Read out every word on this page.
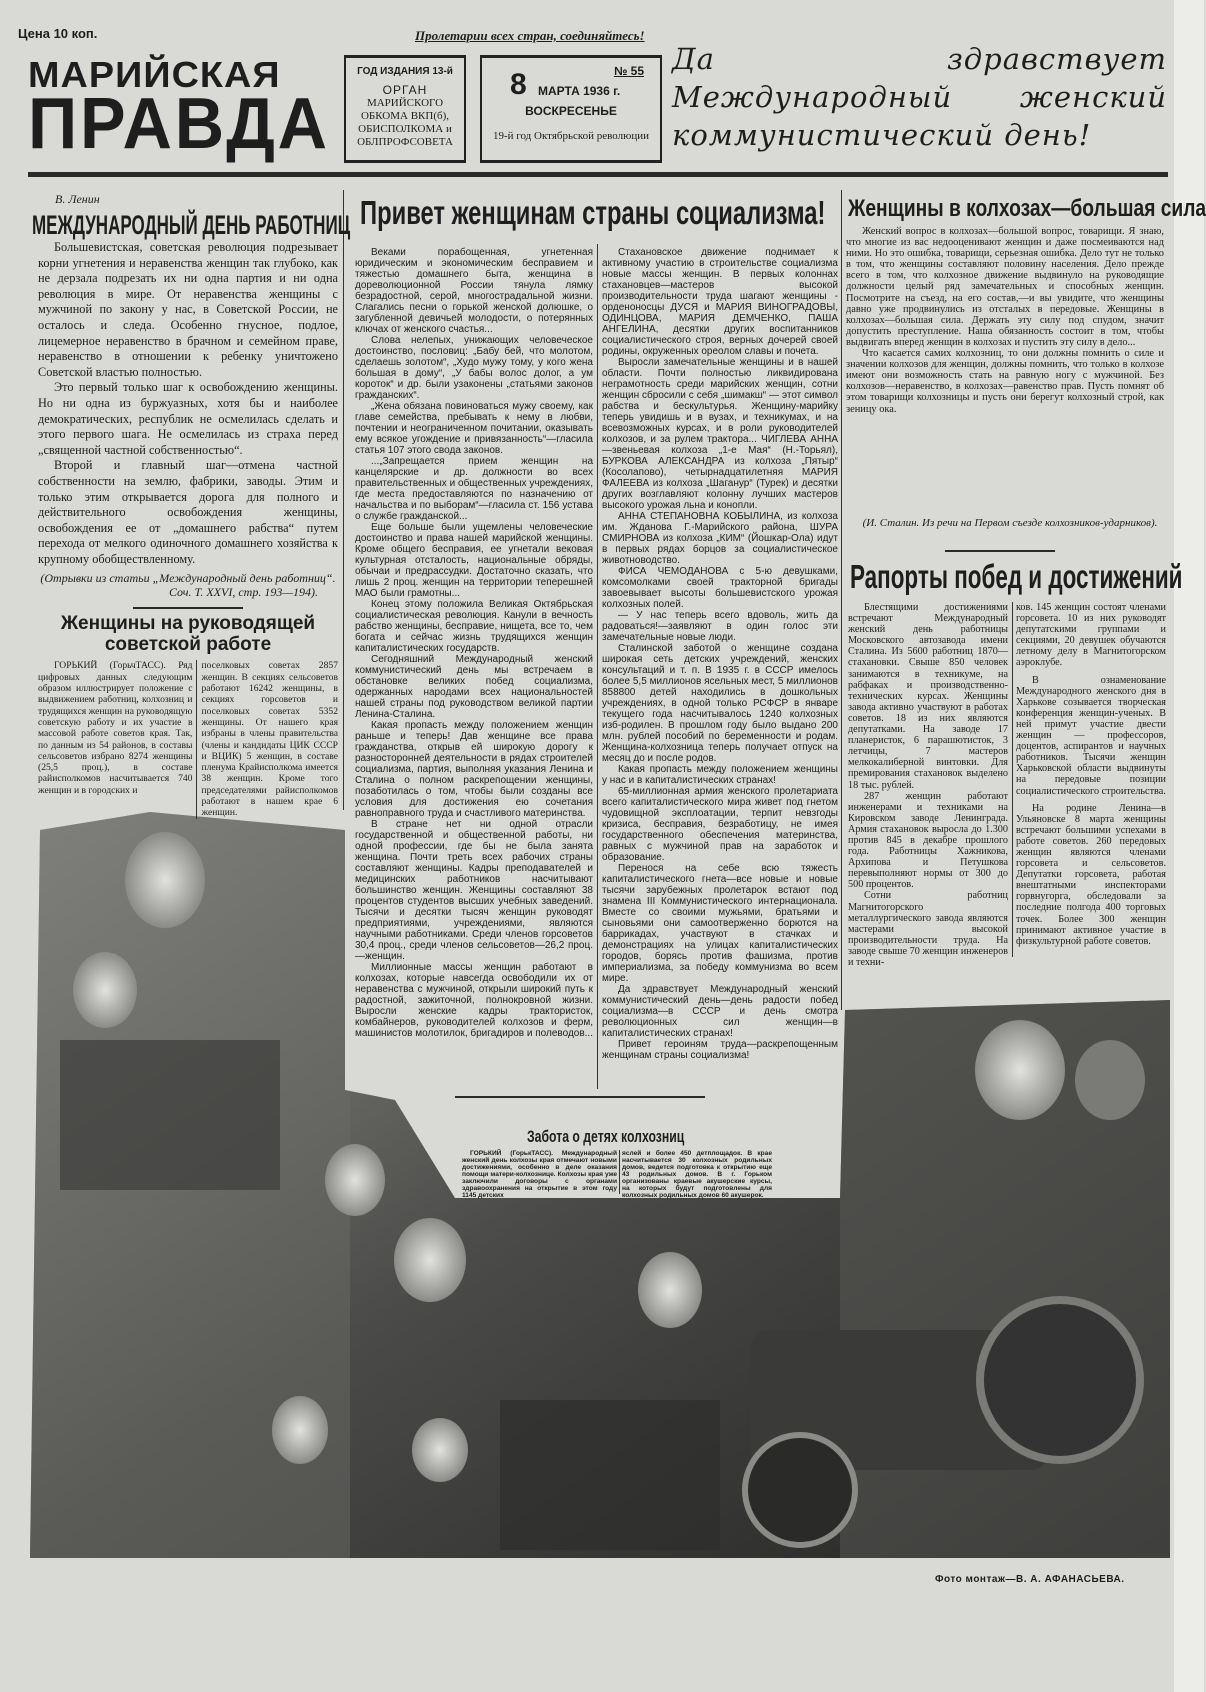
Цена 10 коп.	Пролетарии всех стран, соединяйтесь!
МАРИЙСКАЯ
ПРАВДА
ГОД ИЗДАНИЯ 13-й
ОРГАН
МАРИЙСКОГО
ОБКОМА ВКП(б),
ОБИСПОЛКОМА и
ОБЛПРОФСОВЕТА
№ 55
8 МАРТА 1936 г.
ВОСКРЕСЕНЬЕ
19-й год Октябрьской революции
Да здравствует Международный женский коммунистический день!
В. Ленин
МЕЖДУНАРОДНЫЙ ДЕНЬ РАБОТНИЦ

Большевистская, советская революция подрезывает корни угнетения и неравенства женщин так глубоко, как не дерзала подрезать их ни одна партия и ни одна революция в мире. От неравенства женщины с мужчиной по закону у нас, в Советской России, не осталось и следа. Особенно гнусное, подлое, лицемерное неравенство в брачном и семейном праве, неравенство в отношении к ребенку уничтожено Советской властью полностью.

Это первый только шаг к освобождению женщины. Но ни одна из буржуазных, хотя бы и наиболее демократических, республик не осмелилась сделать и этого первого шага. Не осмелилась из страха перед „священной частной собственностью“.

Второй и главный шаг—отмена частной собственности на землю, фабрики, заводы. Этим и только этим открывается дорога для полного и действительного освобождения женщины, освобождения ее от „домашнего рабства“ путем перехода от мелкого одиночного домашнего хозяйства к крупному обобществленному.

(Отрывки из статьи „Международный день работниц“.
Соч. Т. XXVI, стр. 193—194).
Женщины на руководящей
советской работе

ГОРЬКИЙ (ГорьчТАСС). Ряд цифровых данных следующим образом иллюстрирует положение с выдвижением работниц, колхозниц и трудящихся женщин на руководящую советскую работу и их участие в массовой работе советов края. Так, по данным из 54 районов, в составы сельсоветов избрано 8274 женщины (25,5 проц.), в составе райисполкомов насчитывается 740 женщин и в городских и

поселковых советах 2857 женщин. В секциях сельсоветов работают 16242 женщины, в секциях горсоветов и поселковых советах 5352 женщины. От нашего края избраны в члены правительства (члены и кандидаты ЦИК СССР и ВЦИК) 5 женщин, в составе пленума Крайисполкома имеется 38 женщин. Кроме того председателями райисполкомов работают в нашем крае 6 женщин.

Привет женщинам страны социализма!

Веками порабощенная, угнетенная юридическим и экономическим бесправием и тяжестью домашнего быта, женщина в дореволюционной России тянула лямку безрадостной, серой, многострадальной жизни. Слагались песни о горькой женской долюшке, о загубленной девичьей молодости, о потерянных ключах от женского счастья...

Слова нелепых, унижающих человеческое достоинство, пословиц: „Бабу бей, что молотом, сделаешь золотом“, „Худо мужу тому, у кого жена большая в дому“, „У бабы волос долог, а ум короток“ и др. были узаконены „статьями законов гражданских“.

„Жена обязана повиноваться мужу своему, как главе семейства, пребывать к нему в любви, почтении и неограниченном почитании, оказывать ему всякое угождение и привязанность“—гласила статья 107 этого свода законов.

...„Запрещается прием женщин на канцелярские и др. должности во всех правительственных и общественных учреждениях, где места предоставляются по назначению от начальства и по выборам“—гласила ст. 156 устава о службе гражданской...

Еще больше были ущемлены человеческие достоинство и права нашей марийской женщины. Кроме общего бесправия, ее угнетали вековая культурная отсталость, национальные обряды, обычаи и предрассудки. Достаточно сказать, что лишь 2 проц. женщин на территории теперешней МАО были грамотны...

Конец этому положила Великая Октябрьская социалистическая революция. Канули в вечность рабство женщины, бесправие, нищета, все то, чем богата и сейчас жизнь трудящихся женщин капиталистических государств.

Сегодняшний Международный женский коммунистический день мы встречаем в обстановке великих побед социализма, одержанных народами всех национальностей нашей страны под руководством великой партии Ленина-Сталина.

Какая пропасть между положением женщин раньше и теперь! Дав женщине все права гражданства, открыв ей широкую дорогу к разносторонней деятельности в рядах строителей социализма, партия, выполняя указания Ленина и Сталина о полном раскрепощении женщины, позаботилась о том, чтобы были созданы все условия для достижения ею сочетания равноправного труда и счастливого материнства.

В стране нет ни одной отрасли государственной и общественной работы, ни одной профессии, где бы не была занята женщина. Почти треть всех рабочих страны составляют женщины. Кадры преподавателей и медицинских работников насчитывают большинство женщин. Женщины составляют 38 процентов студентов высших учебных заведений. Тысячи и десятки тысяч женщин руководят предприятиями, учреждениями, являются научными работниками. Среди членов горсоветов 30,4 проц., среди членов сельсоветов—26,2 проц.—женщин.

Миллионные массы женщин работают в колхозах, которые навсегда освободили их от неравенства с мужчиной, открыли широкий путь к радостной, зажиточной, полнокровной жизни. Выросли женские кадры трактористок, комбайнеров, руководителей колхозов и ферм, машинистов молотилок, бригадиров и полеводов...

Стахановское движение поднимает к активному участию в строительстве социализма новые массы женщин. В первых колоннах стахановцев—мастеров высокой производительности труда шагают женщины - орденоносцы ДУСЯ и МАРИЯ ВИНОГРАДОВЫ, ОДИНЦОВА, МАРИЯ ДЕМЧЕНКО, ПАША АНГЕЛИНА, десятки других воспитанников социалистического строя, верных дочерей своей родины, окруженных ореолом славы и почета.

Выросли замечательные женщины и в нашей области. Почти полностью ликвидирована неграмотность среди марийских женщин, сотни женщин сбросили с себя „шимакш“ — этот символ рабства и бескультурья. Женщину-марийку теперь увидишь и в вузах, и техникумах, и на всевозможных курсах, и в роли руководителей колхозов, и за рулем трактора... ЧИГЛЕВА АННА—звеньевая колхоза „1-е Мая“ (Н.-Торьял), БУРКОВА АЛЕКСАНДРА из колхоза „Пятыр“ (Косолапово), четырнадцатилетняя МАРИЯ ФАЛЕЕВА из колхоза „Шаганур“ (Турек) и десятки других возглавляют колонну лучших мастеров высокого урожая льна и конопли.

АННА СТЕПАНОВНА КОБЫЛИНА, из колхоза им. Жданова Г.-Марийского района, ШУРА СМИРНОВА из колхоза „КИМ“ (Йошкар-Ола) идут в первых рядах борцов за социалистическое животноводство.

ФИСА ЧЕМОДАНОВА с 5-ю девушками, комсомолками своей тракторной бригады завоевывает высоты большевистского урожая колхозных полей.

— У нас теперь всего вдоволь, жить да радоваться!—заявляют в один голос эти замечательные новые люди.

Сталинской заботой о женщине создана широкая сеть детских учреждений, женских консультаций и т. п. В 1935 г. в СССР имелось более 5,5 миллионов ясельных мест, 5 миллионов 858800 детей находились в дошкольных учреждениях, в одной только РСФСР в январе текущего года насчитывалось 1240 колхозных изб-родилен. В прошлом году было выдано 200 млн. рублей пособий по беременности и родам. Женщина-колхозница теперь получает отпуск на месяц до и после родов.

Какая пропасть между положением женщины у нас и в капиталистических странах!

65-миллионная армия женского пролетариата всего капиталистического мира живет под гнетом чудовищной эксплоатации, терпит невзгоды кризиса, бесправия, безработицу, не имея государственного обеспечения материнства, равных с мужчиной прав на заработок и образование.

Перенося на себе всю тяжесть капиталистического гнета—все новые и новые тысячи зарубежных пролетарок встают под знамена III Коммунистического интернационала. Вместе со своими мужьями, братьями и сыновьями они самоотверженно борются на баррикадах, участвуют в стачках и демонстрациях на улицах капиталистических городов, борясь против фашизма, против империализма, за победу коммунизма во всем мире.

Да здравствует Международный женский коммунистический день—день радости побед социализма—в СССР и день смотра революционных сил женщин—в капиталистических странах!

Привет героиням труда—раскрепощенным женщинам страны социализма!

Женщины в колхозах—большая сила

Женский вопрос в колхозах—большой вопрос, товарищи. Я знаю, что многие из вас недооценивают женщин и даже посмеиваются над ними. Но это ошибка, товарищи, серьезная ошибка. Дело тут не только в том, что женщины составляют половину населения. Дело прежде всего в том, что колхозное движение выдвинуло на руководящие должности целый ряд замечательных и способных женщин. Посмотрите на съезд, на его состав,—и вы увидите, что женщины давно уже продвинулись из отсталых в передовые. Женщины в колхозах—большая сила. Держать эту силу под спудом, значит допустить преступление. Наша обязанность состоит в том, чтобы выдвигать вперед женщин в колхозах и пустить эту силу в дело...

Что касается самих колхозниц, то они должны помнить о силе и значении колхозов для женщин, должны помнить, что только в колхозе имеют они возможность стать на равную ногу с мужчиной. Без колхозов—неравенство, в колхозах—равенство прав. Пусть помнят об этом товарищи колхозницы и пусть они берегут колхозный строй, как зеницу ока.

(И. Сталин. Из речи на Первом съезде колхозников-ударников).
Рапорты побед и достижений

Блестящими достижениями встречают Международный женский день работницы Московского автозавода имени Сталина. Из 5600 работниц 1870—стахановки. Свыше 850 человек занимаются в техникуме, на рабфаках и производственно-технических курсах. Женщины завода активно участвуют в работах советов. 18 из них являются депутатками. На заводе 17 планеристок, 6 парашютисток, 3 летчицы, 7 мастеров мелкокалиберной винтовки. Для премирования стахановок выделено 18 тыс. рублей.

287 женщин работают инженерами и техниками на Кировском заводе Ленинграда. Армия стахановок выросла до 1.300 против 845 в декабре прошлого года. Работницы Хажникова, Архипова и Петушкова перевыполняют нормы от 300 до 500 процентов.

Сотни работниц Магнитогорского металлургического завода являются мастерами высокой производительности труда. На заводе свыше 70 женщин инженеров и техни-

ков. 145 женщин состоят членами горсовета. 10 из них руководят депутатскими группами и секциями, 20 девушек обучаются летному делу в Магнитогорском аэроклубе.

В ознаменование Международного женского дня в Харькове созывается творческая конференция женщин-ученых. В ней примут участие двести женщин — профессоров, доцентов, аспирантов и научных работников. Тысячи женщин Харьковской области выдвинуты на передовые позиции социалистического строительства.

На родине Ленина—в Ульяновске 8 марта женщины встречают большими успехами в работе советов. 260 передовых женщин являются членами горсовета и сельсоветов. Депутатки горсовета, работая внештатными инспекторами горвнугорга, обследовали за последние полгода 400 торговых точек. Более 300 женщин принимают активное участие в физкультурной работе советов.

Забота о детях колхозниц

ГОРЬКИЙ (ГорькТАСС). Международный женский день колхозы края отмечают новыми достижениями, особенно в деле оказания помощи матери-колхознице. Колхозы края уже заключили договоры с органами здравоохранения на открытие в этом году 1145 детских

яслей и более 450 детплощадок. В крае насчитывается 30 колхозных родильных домов, ведется подготовка к открытию еще 43 родильных домов. В г. Горьком организованы краевые акушерские курсы, на которых будут подготовлены для колхозных родильных домов 60 акушерок.

Фото монтаж—В. А. АФАНАСЬЕВА.
